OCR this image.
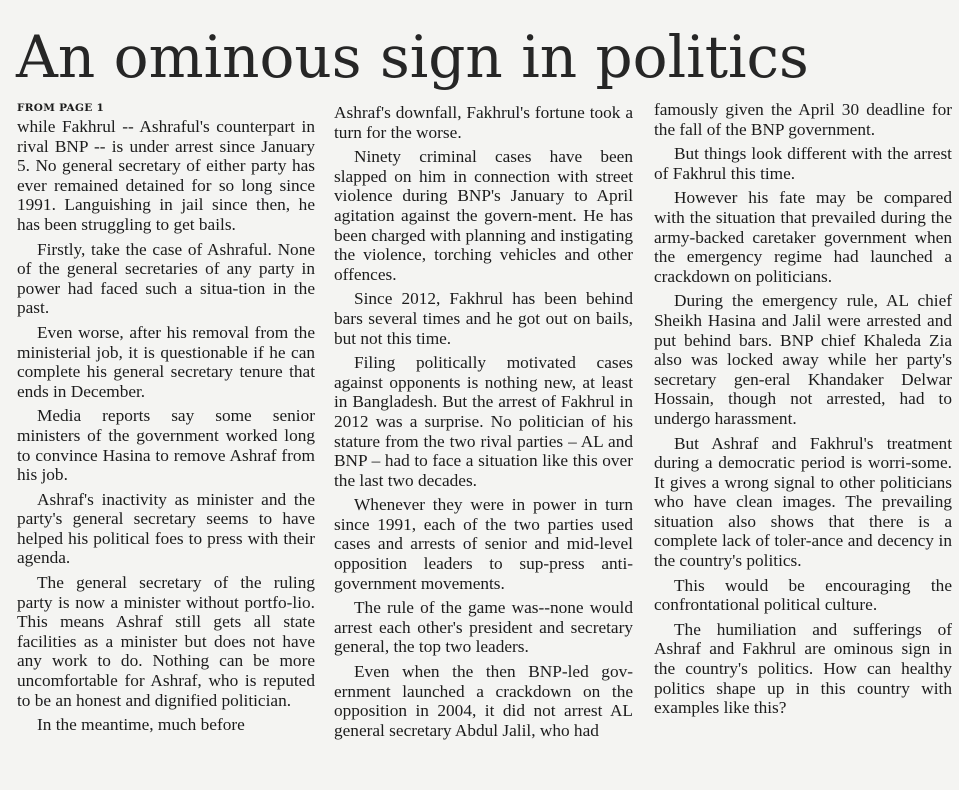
An ominous sign in politics
FROM PAGE 1

while Fakhrul -- Ashraful's counterpart in rival BNP -- is under arrest since January 5. No general secretary of either party has ever remained detained for so long since 1991. Languishing in jail since then, he has been struggling to get bails.

Firstly, take the case of Ashraful. None of the general secretaries of any party in power had faced such a situa-tion in the past.

Even worse, after his removal from the ministerial job, it is questionable if he can complete his general secretary tenure that ends in December.

Media reports say some senior ministers of the government worked long to convince Hasina to remove Ashraf from his job.

Ashraf's inactivity as minister and the party's general secretary seems to have helped his political foes to press with their agenda.

The general secretary of the ruling party is now a minister without portfo-lio. This means Ashraf still gets all state facilities as a minister but does not have any work to do. Nothing can be more uncomfortable for Ashraf, who is reputed to be an honest and dignified politician.

In the meantime, much before

Ashraf's downfall, Fakhrul's fortune took a turn for the worse.

Ninety criminal cases have been slapped on him in connection with street violence during BNP's January to April agitation against the govern-ment. He has been charged with planning and instigating the violence, torching vehicles and other offences.

Since 2012, Fakhrul has been behind bars several times and he got out on bails, but not this time.

Filing politically motivated cases against opponents is nothing new, at least in Bangladesh. But the arrest of Fakhrul in 2012 was a surprise. No politician of his stature from the two rival parties – AL and BNP – had to face a situation like this over the last two decades.

Whenever they were in power in turn since 1991, each of the two parties used cases and arrests of senior and mid-level opposition leaders to sup-press anti-government movements.

The rule of the game was--none would arrest each other's president and secretary general, the top two leaders.

Even when the then BNP-led gov-ernment launched a crackdown on the opposition in 2004, it did not arrest AL general secretary Abdul Jalil, who had

famously given the April 30 deadline for the fall of the BNP government.

But things look different with the arrest of Fakhrul this time.

However his fate may be compared with the situation that prevailed during the army-backed caretaker government when the emergency regime had launched a crackdown on politicians.

During the emergency rule, AL chief Sheikh Hasina and Jalil were arrested and put behind bars. BNP chief Khaleda Zia also was locked away while her party's secretary gen-eral Khandaker Delwar Hossain, though not arrested, had to undergo harassment.

But Ashraf and Fakhrul's treatment during a democratic period is worri-some. It gives a wrong signal to other politicians who have clean images. The prevailing situation also shows that there is a complete lack of toler-ance and decency in the country's politics.

This would be encouraging the confrontational political culture.

The humiliation and sufferings of Ashraf and Fakhrul are ominous sign in the country's politics. How can healthy politics shape up in this country with examples like this?
